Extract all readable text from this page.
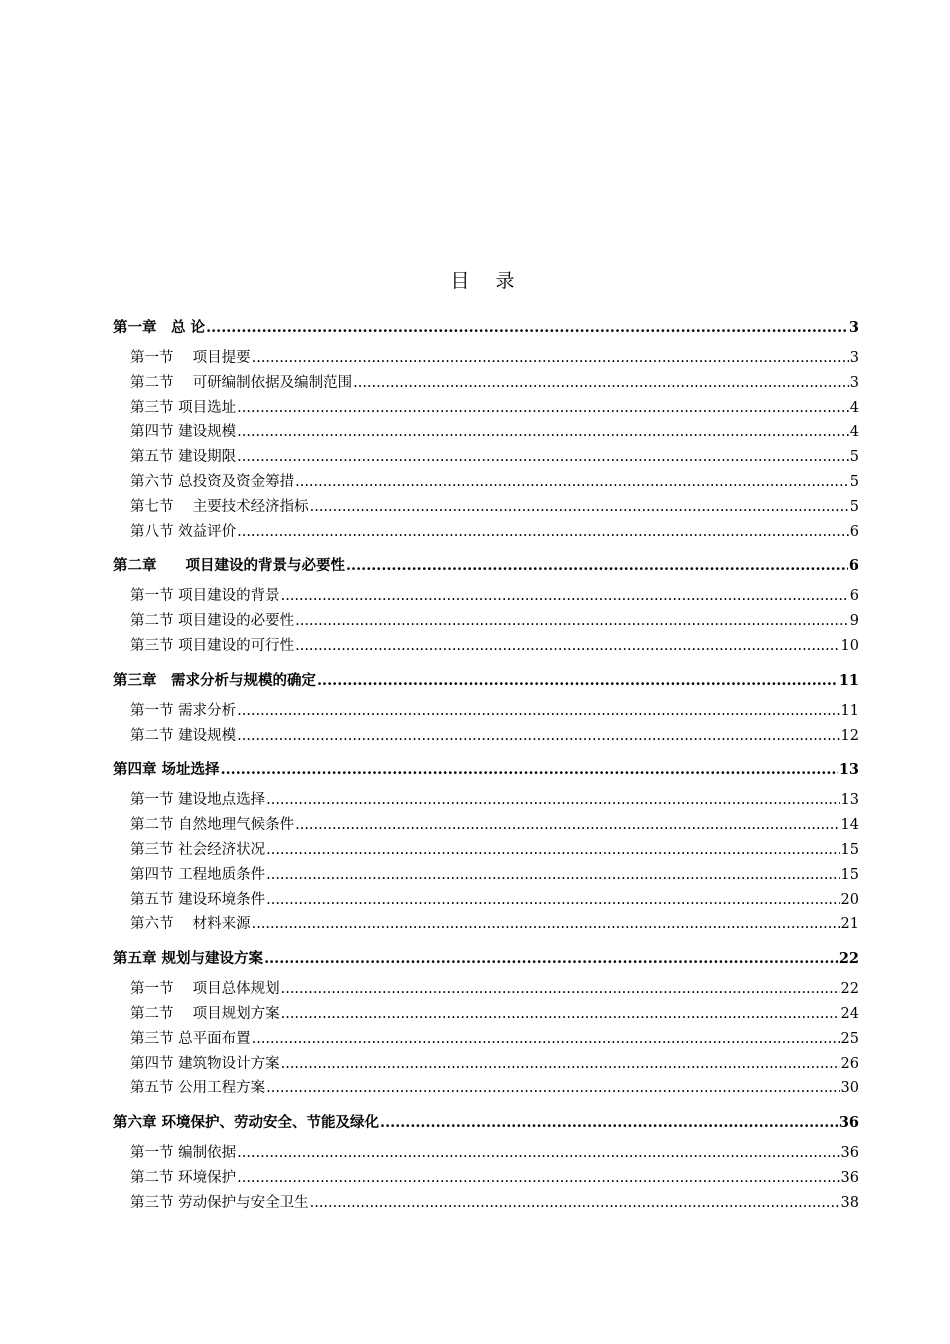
目 录
第一章　总 论 .....	3
第一节　 项目提要 .....	3
第二节　 可研编制依据及编制范围 .....	3
第三节 项目选址 .....	4
第四节 建设规模 .....	4
第五节 建设期限 .....	5
第六节 总投资及资金筹措 .....	5
第七节　 主要技术经济指标 .....	5
第八节 效益评价 .....	6
第二章　　项目建设的背景与必要性 .....	6
第一节 项目建设的背景 .....	6
第二节 项目建设的必要性 .....	9
第三节 项目建设的可行性 .....	10
第三章　需求分析与规模的确定 .....	11
第一节 需求分析 .....	11
第二节 建设规模 .....	12
第四章 场址选择 .....	13
第一节 建设地点选择 .....	13
第二节 自然地理气候条件 .....	14
第三节 社会经济状况 .....	15
第四节 工程地质条件 .....	15
第五节 建设环境条件 .....	20
第六节　 材料来源 .....	21
第五章 规划与建设方案 .....	22
第一节　 项目总体规划 .....	22
第二节　 项目规划方案 .....	24
第三节 总平面布置 .....	25
第四节 建筑物设计方案 .....	26
第五节 公用工程方案 .....	30
第六章 环境保护、劳动安全、节能及绿化 .....	36
第一节 编制依据 .....	36
第二节 环境保护 .....	36
第三节 劳动保护与安全卫生 .....	38
